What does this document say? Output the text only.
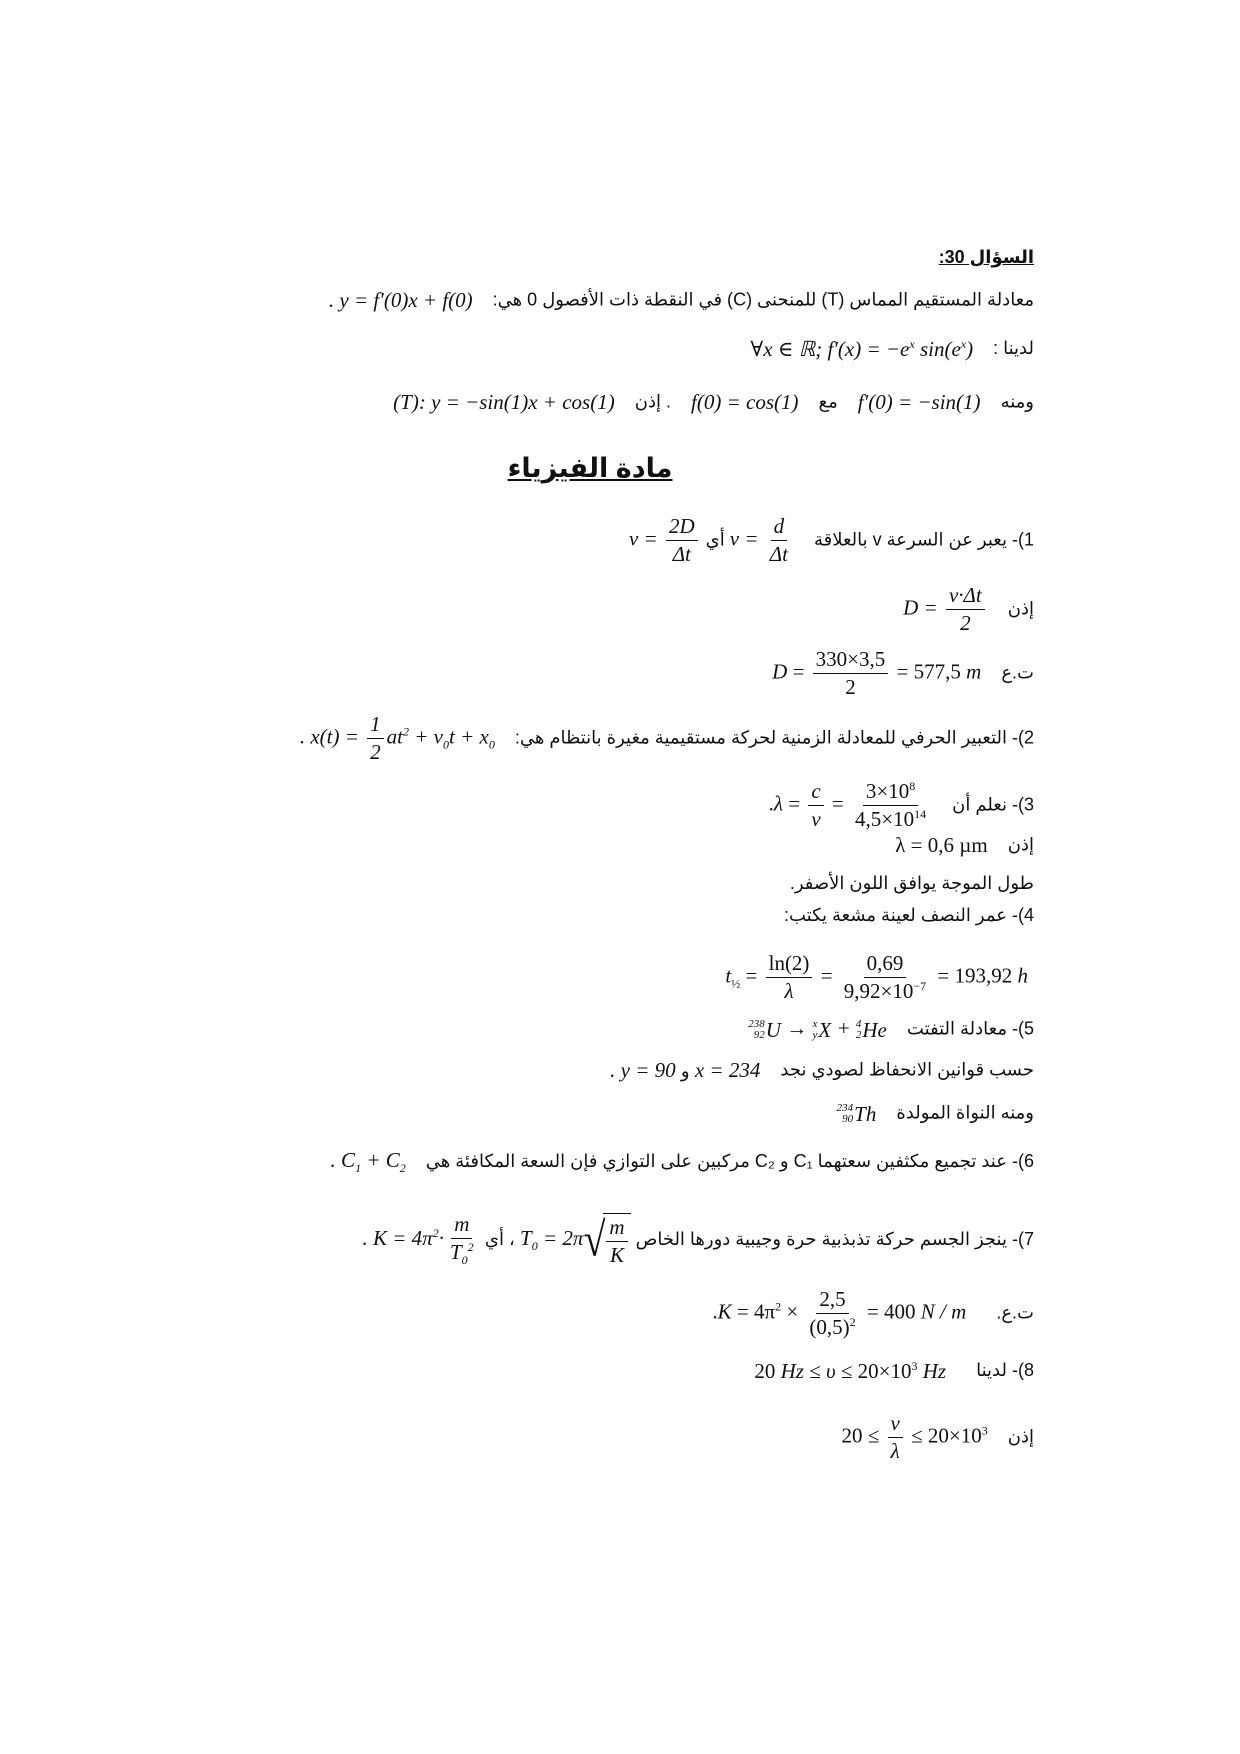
السؤال 30:
معادلة المستقيم المماس (T) للمنحنى (C) في النقطة ذات الأفصول 0 هي:  . y = f′(0)x + f(0)
لدينا :  ∀x ∈ ℝ; $f'(x) = -e^x$ $\sin(e^x)$
ومنه  f′(0) = −sin(1)  مع  f(0) = cos(1)  . إذن  (T): y = −sin(1)x + cos(1)
مادة الفيزياء
1)- يعبر عن السرعة v بالعلاقة  $v = \frac{d}{\Delta t}$
أي $v = \frac{2D}{\Delta t}$
إذن  $D = \frac{v\cdot\Delta t}{2}$
ت.ع  $D = \frac{330\times 3,5}{2} = 577,5$ m
2)- التعبير الحرفي للمعادلة الزمنية لحركة مستقيمية مغيرة بانتظام هي:  . $x(t) = \frac{1}{2} at^2 + v_0t + x_0$
3)- نعلم أن  $.\lambda = \frac{c}{v} = \frac{3\times 10^8}{4,5\times 10^{14}}$
إذن  λ = 0,6 µm
طول الموجة يوافق اللون الأصفر.
4)- عمر النصف لعينة مشعة يكتب:
$t_{\frac{1}{2}} = \frac{\ln(2)}{\lambda} = \frac{0,69}{9,92\times 10^{-7}} = 193,92$ h
5)- معادلة التفتت
238
92 U → x
y X + 4
2 He
حسب قوانين الانحفاظ لصودي نجد  . y = 90 و x = 234
ومنه النواة المولدة
234
90 Th
6)- عند تجميع مكثفين سعتهما C₁ و C₂ مركبين على التوازي فإن السعة المكافئة هي  . $C_1 + C_2$
7)- ينجز الجسم حركة تذبذبية حرة وجيبية دورها الخاص . $K = 4\pi^2\cdot \frac{m}{T_0^2}$ أي ، $T_0 = 2\pi$ √ $\frac{m}{K}$
ت.ع.  $.K = 4\pi^2 \times \frac{2,5}{(0,5)^2} = 400$ N / m
8)- لدينا  20 $Hz \le \upsilon \le 20\times 10^3$ Hz
إذن  $20 \le \frac{v}{\lambda} \le 20\times 10^3$
